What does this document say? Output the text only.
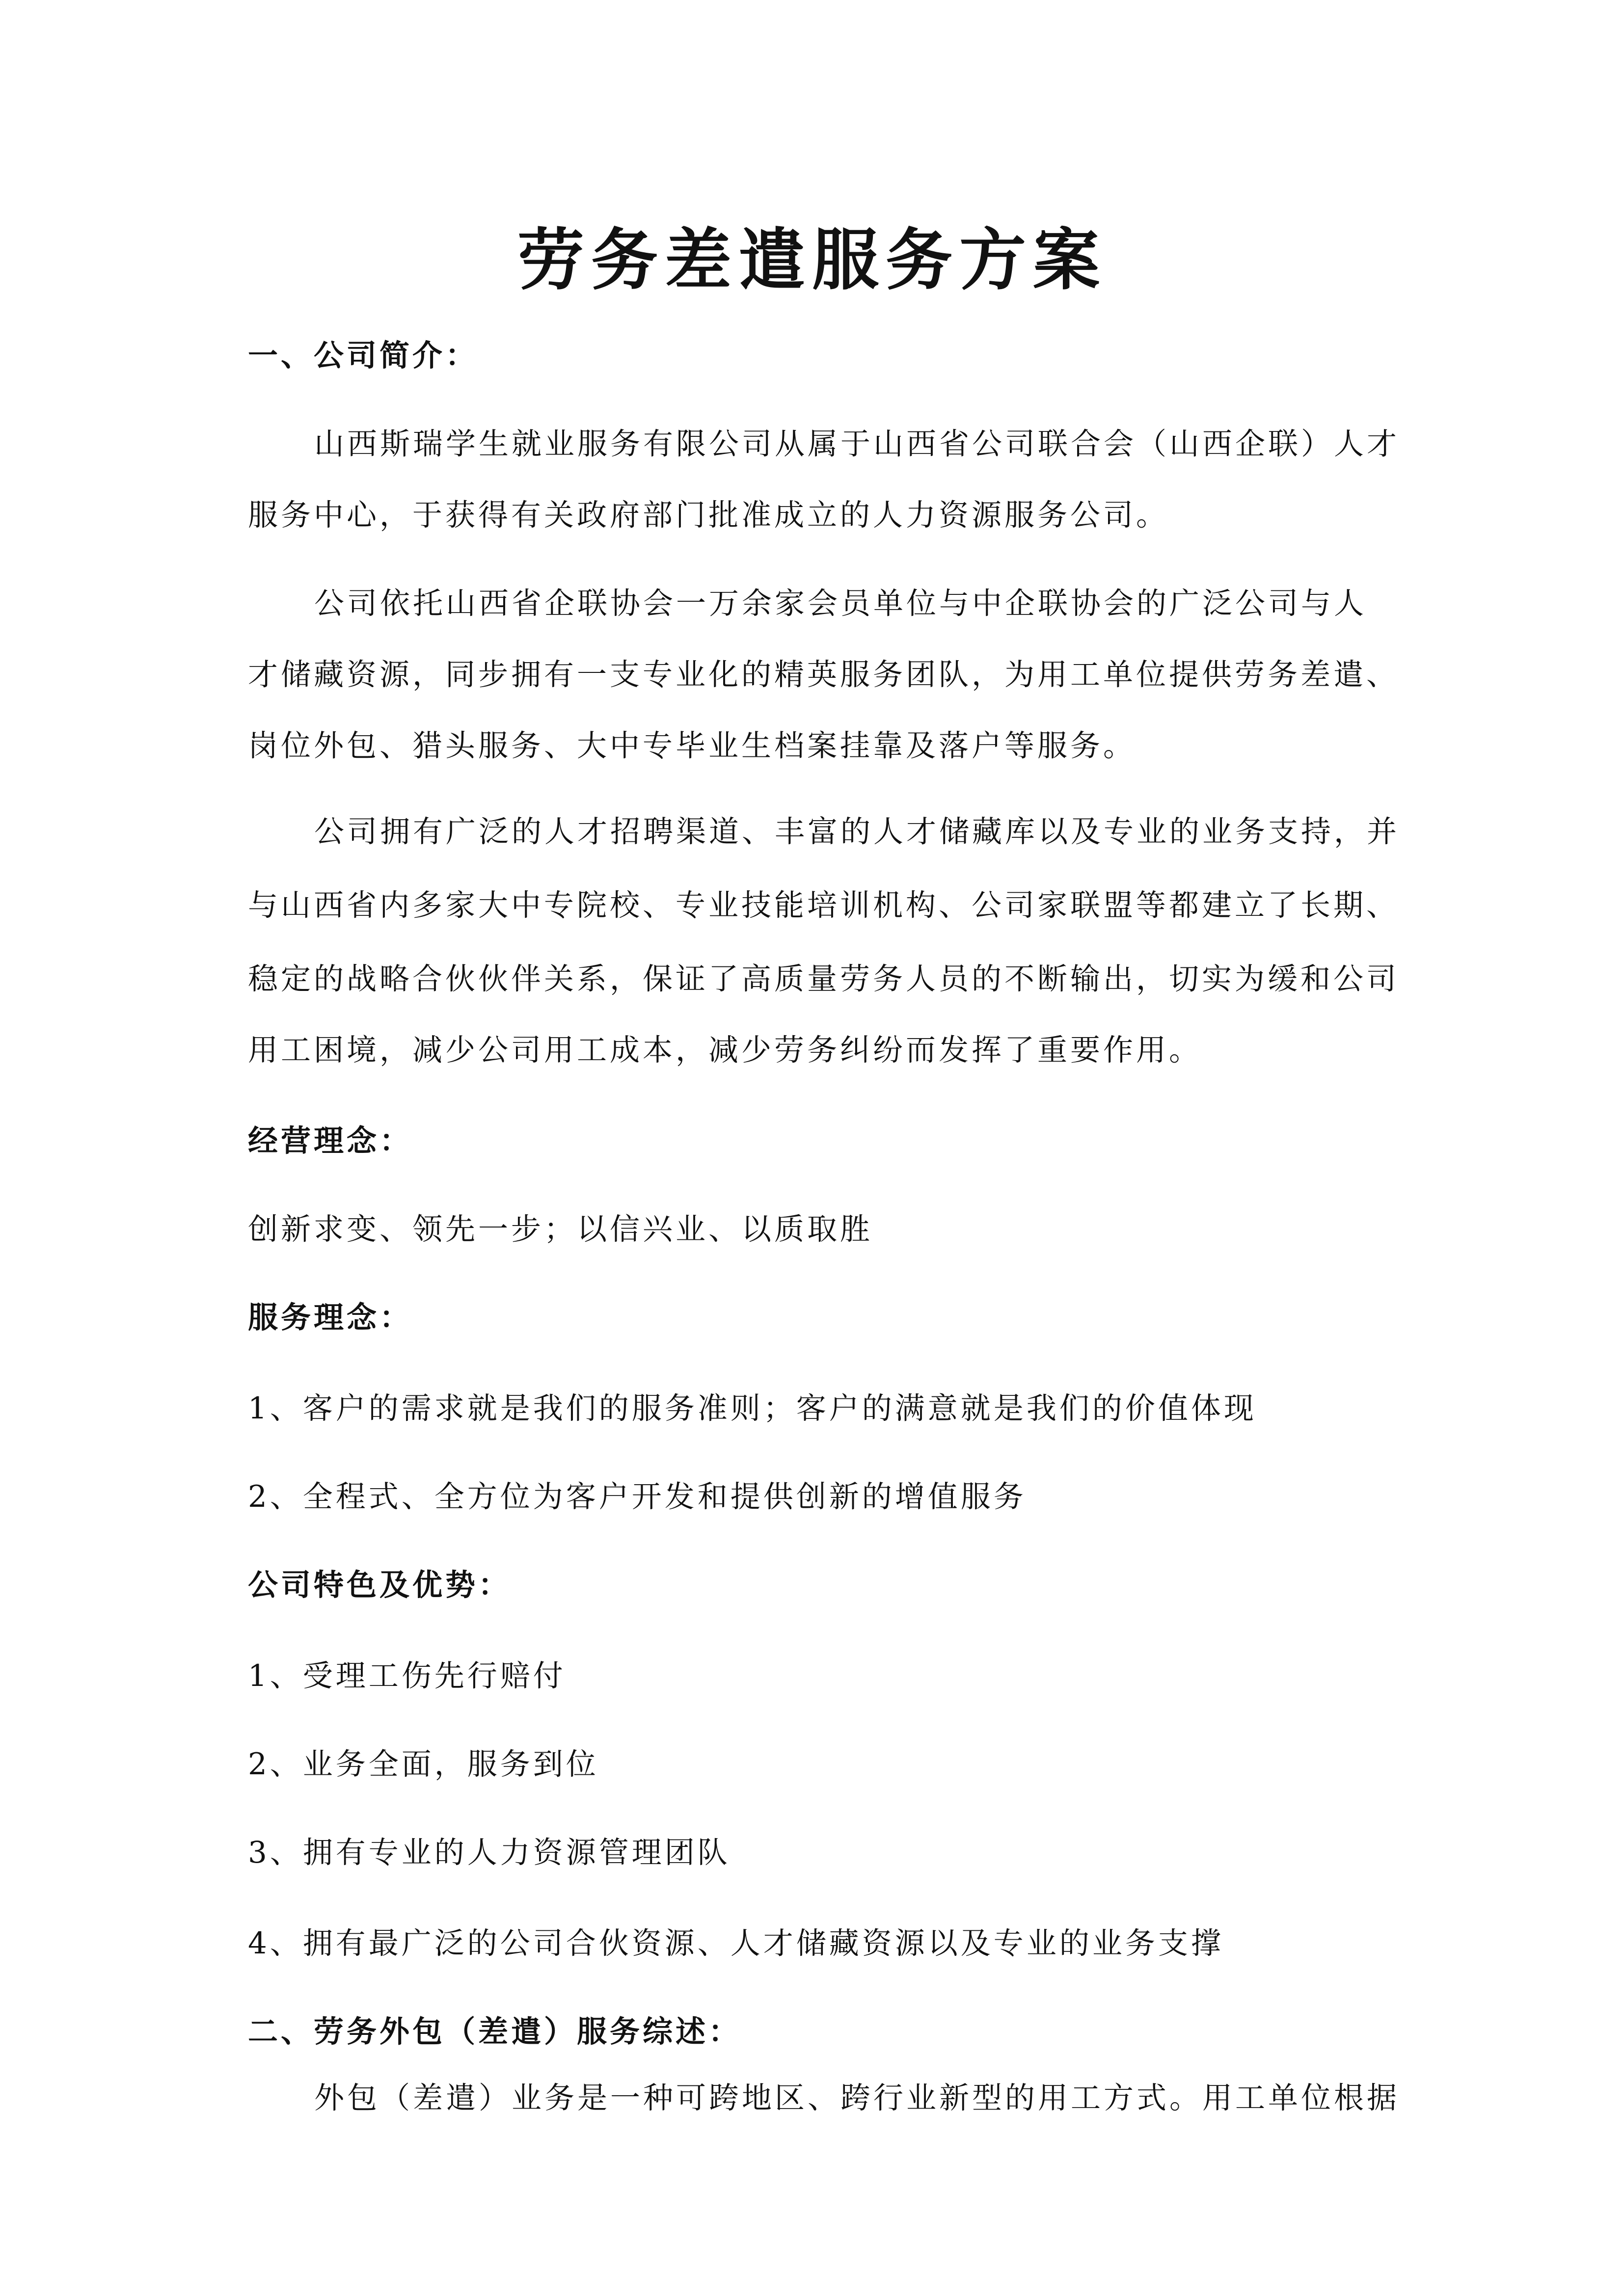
劳务差遣服务方案
一、公司简介：
山西斯瑞学生就业服务有限公司从属于山西省公司联合会（山西企联）人才
服务中心，于获得有关政府部门批准成立的人力资源服务公司。
公司依托山西省企联协会一万余家会员单位与中企联协会的广泛公司与人
才储藏资源，同步拥有一支专业化的精英服务团队，为用工单位提供劳务差遣、
岗位外包、猎头服务、大中专毕业生档案挂靠及落户等服务。
公司拥有广泛的人才招聘渠道、丰富的人才储藏库以及专业的业务支持，并
与山西省内多家大中专院校、专业技能培训机构、公司家联盟等都建立了长期、
稳定的战略合伙伙伴关系，保证了高质量劳务人员的不断输出，切实为缓和公司
用工困境，减少公司用工成本，减少劳务纠纷而发挥了重要作用。
经营理念：
创新求变、领先一步；以信兴业、以质取胜
服务理念：
1、客户的需求就是我们的服务准则；客户的满意就是我们的价值体现
2、全程式、全方位为客户开发和提供创新的增值服务
公司特色及优势：
1、受理工伤先行赔付
2、业务全面，服务到位
3、拥有专业的人力资源管理团队
4、拥有最广泛的公司合伙资源、人才储藏资源以及专业的业务支撑
二、劳务外包（差遣）服务综述：
外包（差遣）业务是一种可跨地区、跨行业新型的用工方式。用工单位根据
